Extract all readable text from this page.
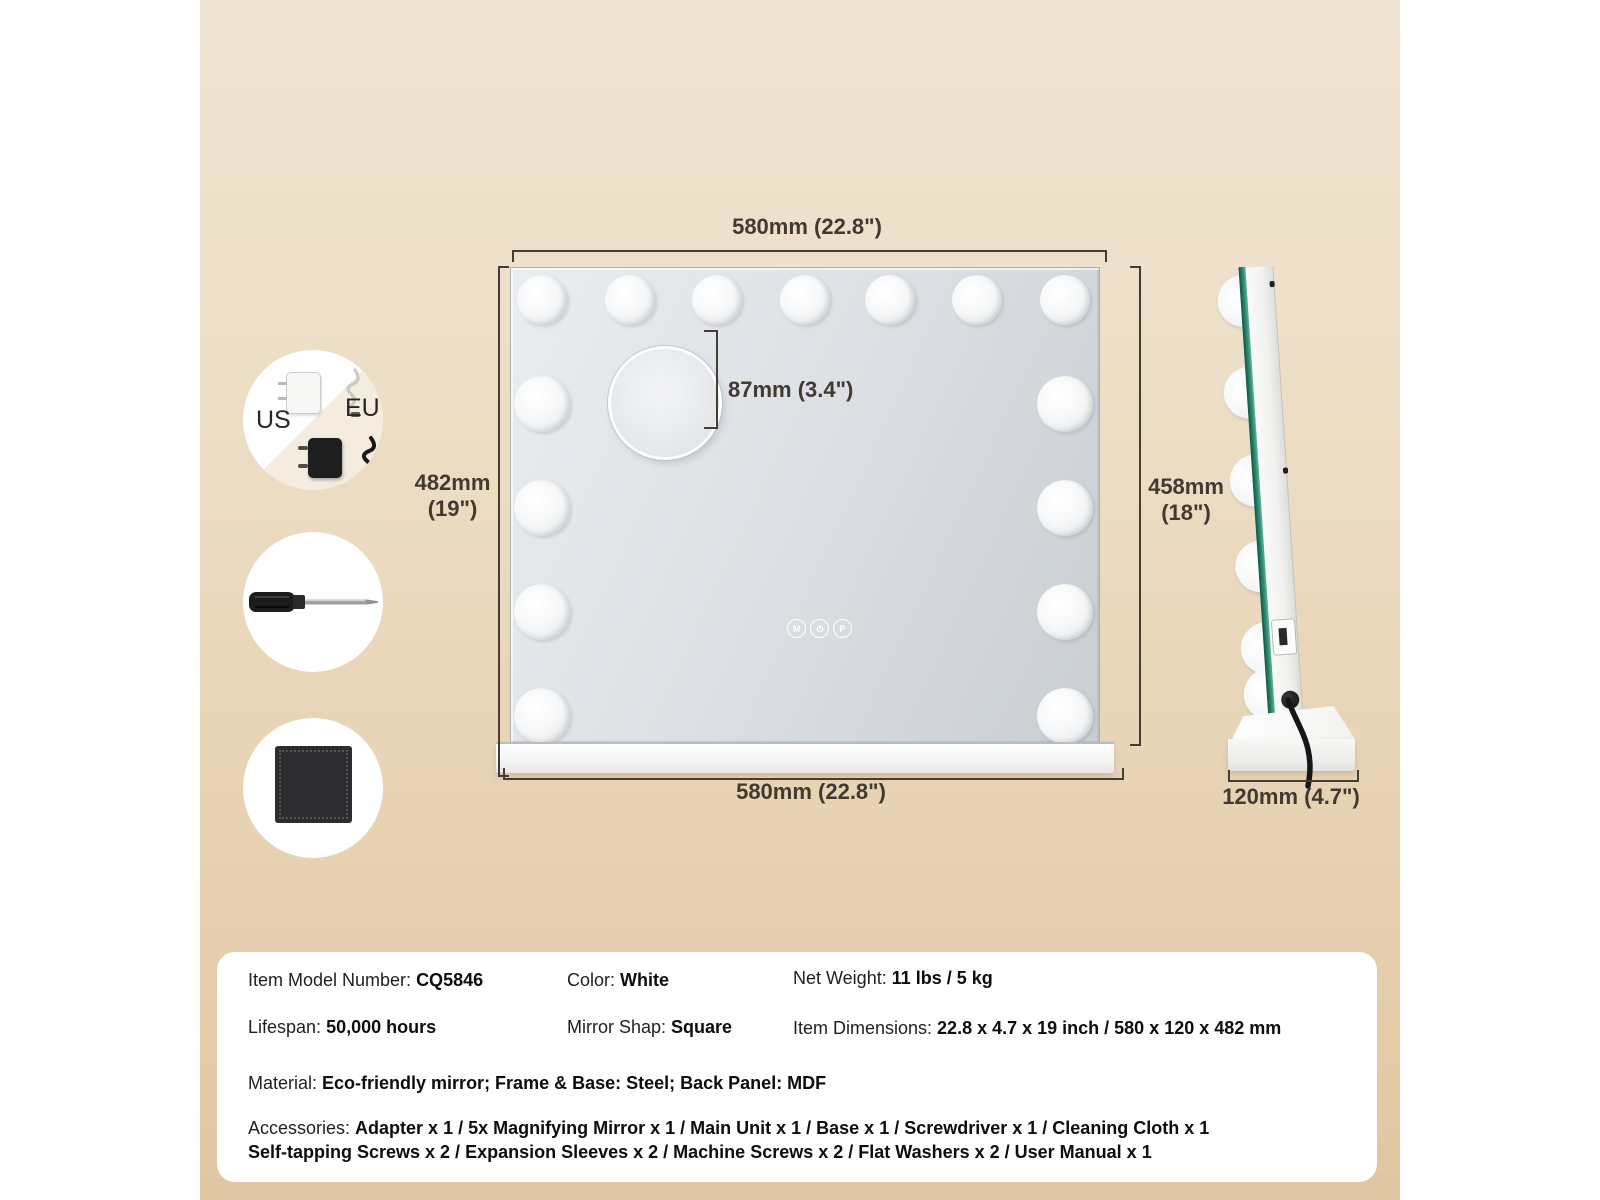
M	P
580mm (22.8")
580mm (22.8")
482mm
(19")
458mm
(18")
87mm (3.4")
120mm (4.7")
US EU
Item Model Number: CQ5846	Color: White	Net Weight: 11 lbs / 5 kg
Lifespan: 50,000 hours	Mirror Shap: Square	Item Dimensions: 22.8 x 4.7 x 19 inch / 580 x 120 x 482 mm
Material: Eco-friendly mirror; Frame & Base: Steel; Back Panel: MDF
Accessories: Adapter x 1 / 5x Magnifying Mirror x 1 / Main Unit x 1 / Base x 1 / Screwdriver x 1 / Cleaning Cloth x 1
Self-tapping Screws x 2 / Expansion Sleeves x 2 / Machine Screws x 2 / Flat Washers x 2 / User Manual x 1
